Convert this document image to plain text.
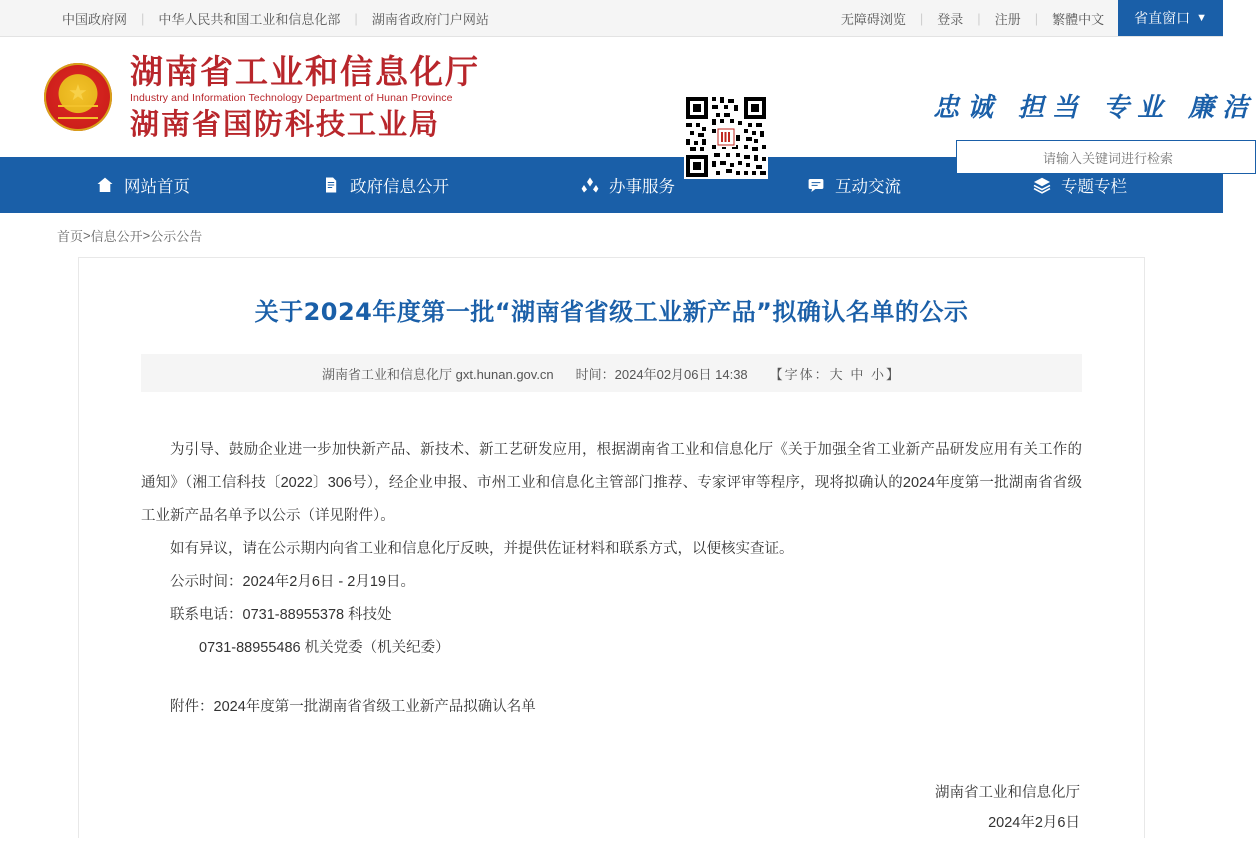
中国政府网	|	中华人民共和国工业和信息化部	|	湖南省政府门户网站	无障碍浏览	|	登录	|	注册	|	繁體中文	省直窗口 ▼
★
湖南省工业和信息化厅
Industry and Information Technology Department of Hunan Province
湖南省国防科技工业局	忠诚 担当 专业 廉洁
请输入关键词进行检索
网站首页	政府信息公开	办事服务	互动交流	专题专栏
首页 > 信息公开 > 公示公告
关于2024年度第一批“湖南省省级工业新产品”拟确认名单的公示
湖南省工业和信息化厅 gxt.hunan.gov.cn 时间：2024年02月06日 14:38 【字体：大 中 小】

为引导、鼓励企业进一步加快新产品、新技术、新工艺研发应用，根据湖南省工业和信息化厅《关于加强全省工业新产品研发应用有关工作的通知》（湘工信科技〔2022〕306号），经企业申报、市州工业和信息化主管部门推荐、专家评审等程序，现将拟确认的2024年度第一批湖南省省级工业新产品名单予以公示（详见附件）。

如有异议，请在公示期内向省工业和信息化厅反映，并提供佐证材料和联系方式，以便核实查证。

公示时间：2024年2月6日 - 2月19日。

联系电话：0731-88955378 科技处

0731-88955486 机关党委（机关纪委）

附件：2024年度第一批湖南省省级工业新产品拟确认名单

湖南省工业和信息化厅
2024年2月6日
